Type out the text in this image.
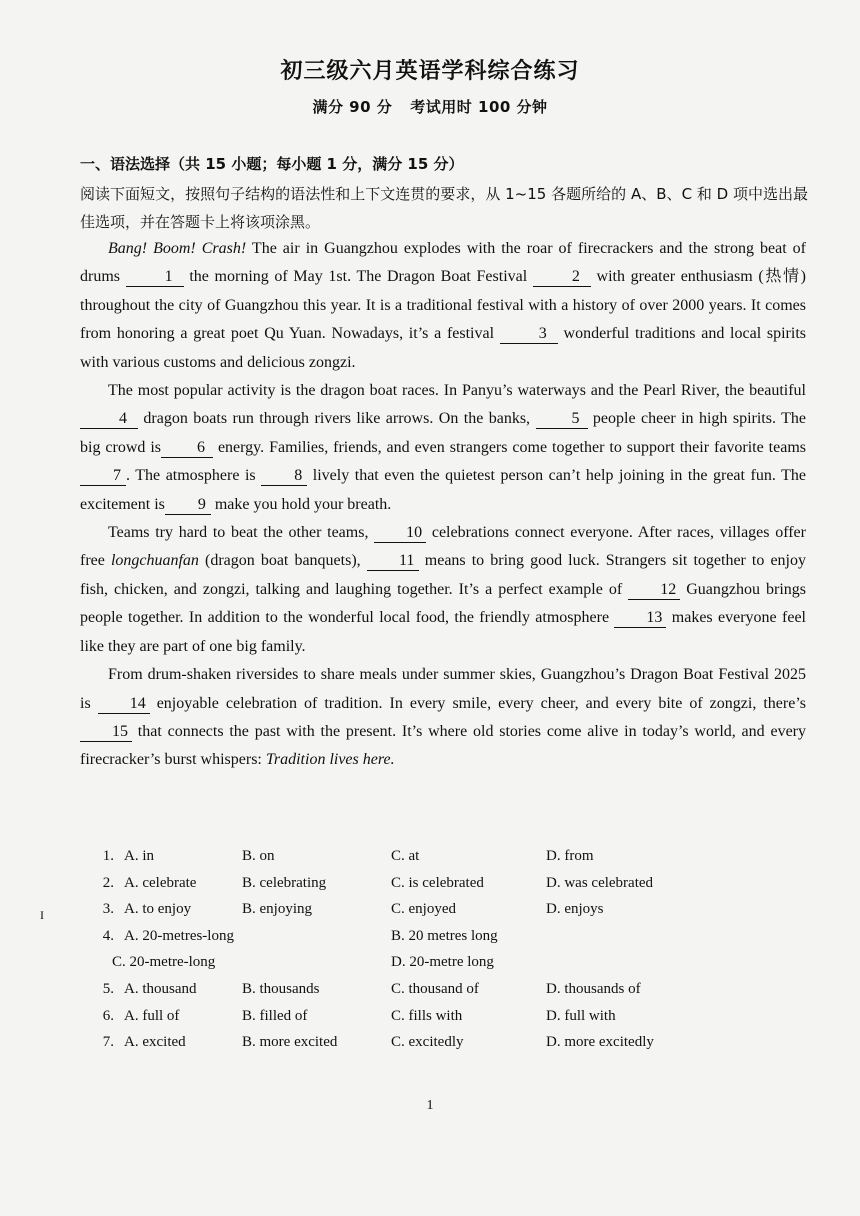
初三级六月英语学科综合练习
满分 90 分 考试用时 100 分钟
一、语法选择（共 15 小题；每小题 1 分，满分 15 分）
阅读下面短文，按照句子结构的语法性和上下文连贯的要求，从 1~15 各题所给的 A、B、C 和 D 项中选出最佳选项，并在答题卡上将该项涂黑。

Bang! Boom! Crash! The air in Guangzhou explodes with the roar of firecrackers and the strong beat of drums 1 the morning of May 1st. The Dragon Boat Festival 2 with greater enthusiasm (热情) throughout the city of Guangzhou this year. It is a traditional festival with a history of over 2000 years. It comes from honoring a great poet Qu Yuan. Nowadays, it’s a festival 3 wonderful traditions and local spirits with various customs and delicious zongzi.

The most popular activity is the dragon boat races. In Panyu’s waterways and the Pearl River, the beautiful 4 dragon boats run through rivers like arrows. On the banks, 5 people cheer in high spirits. The big crowd is 6 energy. Families, friends, and even strangers come together to support their favorite teams 7 . The atmosphere is 8 lively that even the quietest person can’t help joining in the great fun. The excitement is 9 make you hold your breath.

Teams try hard to beat the other teams, 10 celebrations connect everyone. After races, villages offer free longchuanfan (dragon boat banquets), 11 means to bring good luck. Strangers sit together to enjoy fish, chicken, and zongzi, talking and laughing together. It’s a perfect example of 12 Guangzhou brings people together. In addition to the wonderful local food, the friendly atmosphere 13 makes everyone feel like they are part of one big family.

From drum-shaken riversides to share meals under summer skies, Guangzhou’s Dragon Boat Festival 2025 is 14 enjoyable celebration of tradition. In every smile, every cheer, and every bite of zongzi, there’s 15 that connects the past with the present. It’s where old stories come alive in today’s world, and every firecracker’s burst whispers: Tradition lives here.

I
1. A. in	B. on	C. at	D. from
2. A. celebrate	B. celebrating	C. is celebrated	D. was celebrated
3. A. to enjoy	B. enjoying	C. enjoyed	D. enjoys
4. A. 20-metres-long	B. 20 metres long
C. 20-metre-long	D. 20-metre long
5. A. thousand	B. thousands	C. thousand of	D. thousands of
6. A. full of	B. filled of	C. fills with	D. full with
7. A. excited	B. more excited	C. excitedly	D. more excitedly
1
